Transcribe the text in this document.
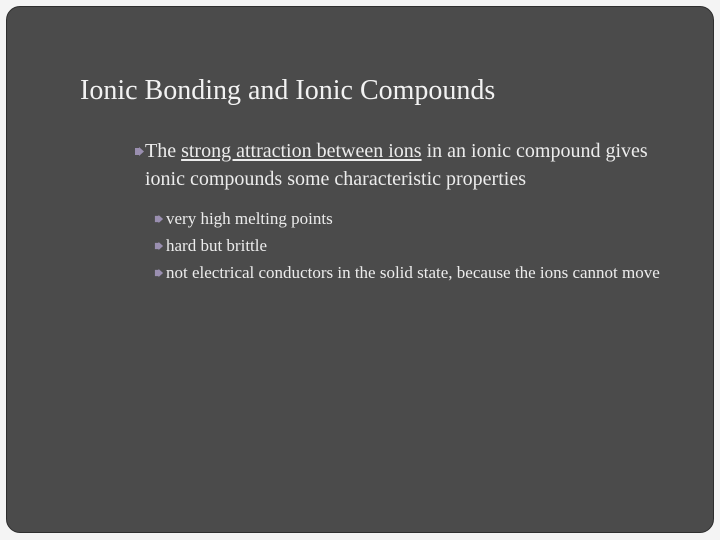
Ionic Bonding and Ionic Compounds
The strong attraction between ions in an ionic compound gives ionic compounds some characteristic properties
very high melting points
hard but brittle
not electrical conductors in the solid state, because the ions cannot move
